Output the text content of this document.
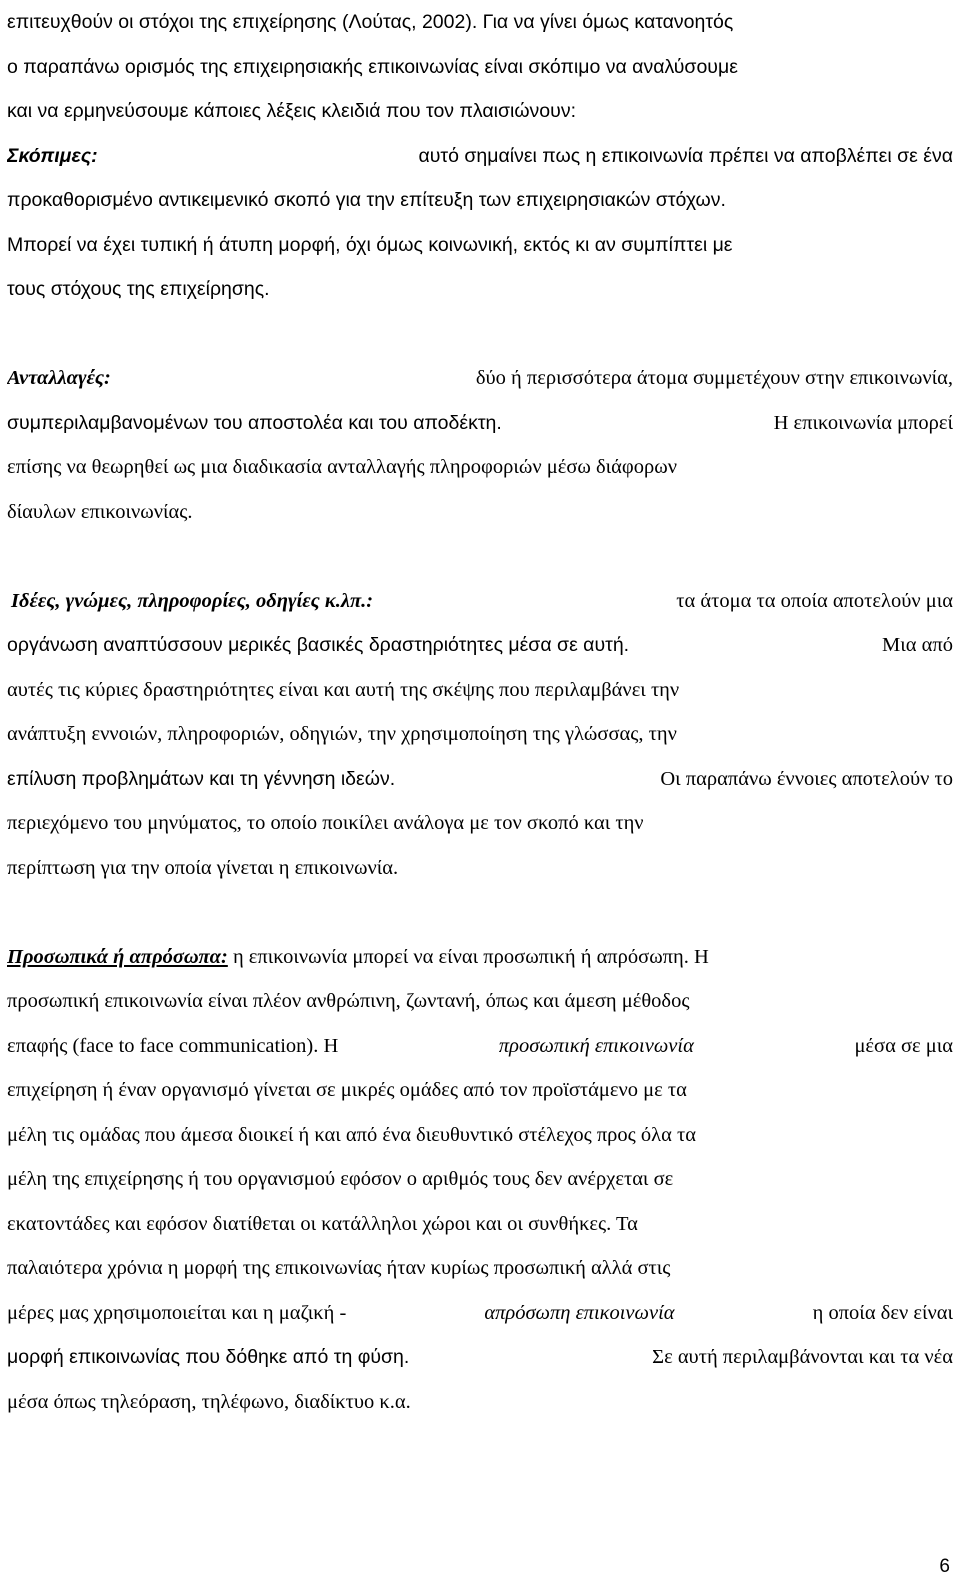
επιτευχθούν οι στόχοι της επιχείρησης (Λούτας, 2002). Για να γίνει όμως κατανοητός
ο παραπάνω ορισμός της επιχειρησιακής επικοινωνίας είναι σκόπιμο να αναλύσουμε
και να ερμηνεύσουμε κάποιες λέξεις κλειδιά που τον πλαισιώνουν:
Σκόπιμες:	αυτό σημαίνει πως η επικοινωνία πρέπει να αποβλέπει σε ένα
προκαθορισμένο αντικειμενικό σκοπό για την επίτευξη των επιχειρησιακών στόχων.
Μπορεί να έχει τυπική ή άτυπη μορφή, όχι όμως κοινωνική, εκτός κι αν συμπίπτει με
τους στόχους της επιχείρησης.
Ανταλλαγές:	δύο ή περισσότερα άτομα συμμετέχουν στην επικοινωνία,
συμπεριλαμβανομένων του αποστολέα και του αποδέκτη.	Η επικοινωνία μπορεί
επίσης να θεωρηθεί ως μια διαδικασία ανταλλαγής πληροφοριών μέσω διάφορων
δίαυλων επικοινωνίας.
Ιδέες, γνώμες, πληροφορίες, οδηγίες κ.λπ.:	τα άτομα τα οποία αποτελούν μια
οργάνωση αναπτύσσουν μερικές βασικές δραστηριότητες μέσα σε αυτή.	Μια από
αυτές τις κύριες δραστηριότητες είναι και αυτή της σκέψης που περιλαμβάνει την
ανάπτυξη εννοιών, πληροφοριών, οδηγιών, την χρησιμοποίηση της γλώσσας, την
επίλυση προβλημάτων και τη γέννηση ιδεών.	Οι παραπάνω έννοιες αποτελούν το
περιεχόμενο του μηνύματος, το οποίο ποικίλει ανάλογα με τον σκοπό και την
περίπτωση για την οποία γίνεται η επικοινωνία.
Προσωπικά ή απρόσωπα: η επικοινωνία μπορεί να είναι προσωπική ή απρόσωπη. Η
προσωπική επικοινωνία είναι πλέον ανθρώπινη, ζωντανή, όπως και άμεση μέθοδος
επαφής (face to face communication). Η	προσωπική επικοινωνία	μέσα σε μια
επιχείρηση ή έναν οργανισμό γίνεται σε μικρές ομάδες από τον προϊστάμενο με τα
μέλη τις ομάδας που άμεσα διοικεί ή και από ένα διευθυντικό στέλεχος προς όλα τα
μέλη της επιχείρησης ή του οργανισμού εφόσον ο αριθμός τους δεν ανέρχεται σε
εκατοντάδες και εφόσον διατίθεται οι κατάλληλοι χώροι και οι συνθήκες. Τα
παλαιότερα χρόνια η μορφή της επικοινωνίας ήταν κυρίως προσωπική αλλά στις
μέρες μας χρησιμοποιείται και η μαζική -	απρόσωπη επικοινωνία	η οποία δεν είναι
μορφή επικοινωνίας που δόθηκε από τη φύση.	Σε αυτή περιλαμβάνονται και τα νέα
μέσα όπως τηλεόραση, τηλέφωνο, διαδίκτυο κ.α.
6
